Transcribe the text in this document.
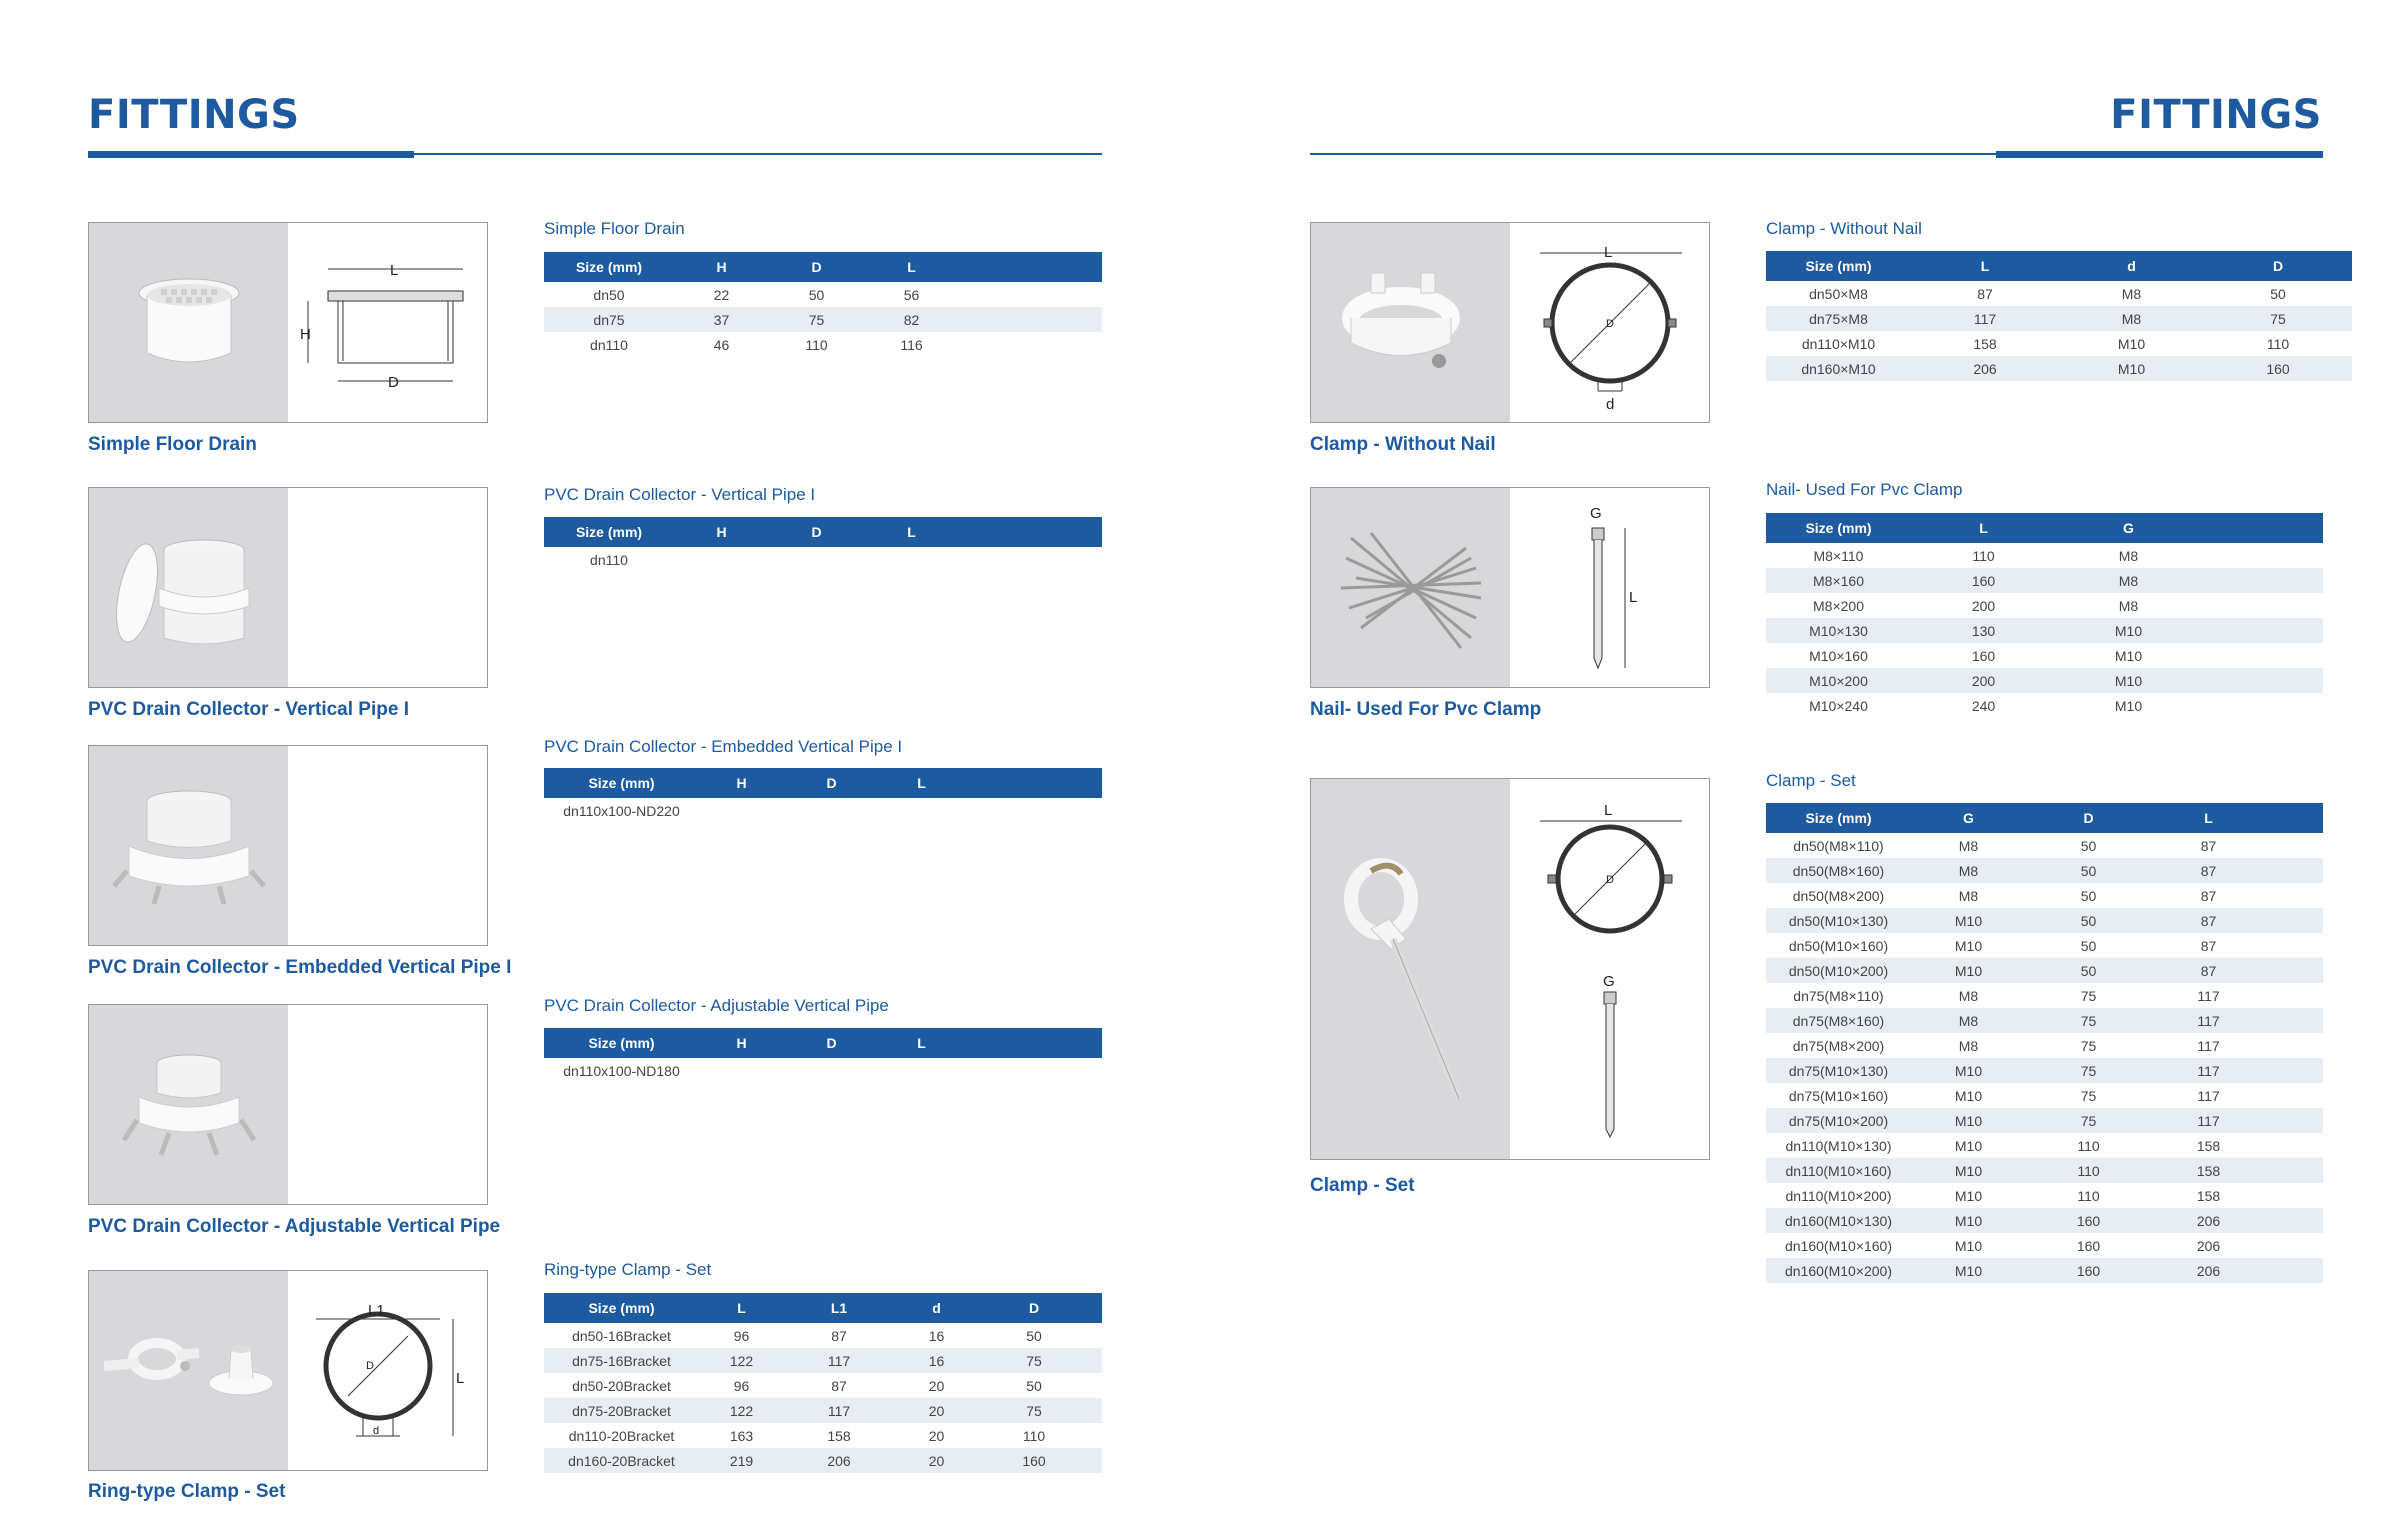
FITTINGS	FITTINGS
L
H
D
Simple Floor Drain
Simple Floor Drain
Size (mm)	H	D	L	
dn50	22	50	56	
dn75	37	75	82	
dn110	46	110	116	
PVC Drain Collector - Vertical Pipe I
PVC Drain Collector - Vertical Pipe I
Size (mm)	H	D	L	
dn110				
PVC Drain Collector - Embedded Vertical Pipe I
PVC Drain Collector - Embedded Vertical Pipe I
Size (mm)	H	D	L	
dn110x100-ND220				
PVC Drain Collector - Adjustable Vertical Pipe
PVC Drain Collector - Adjustable Vertical Pipe
Size (mm)	H	D	L	
dn110x100-ND180				
L1
L
D
d
Ring-type Clamp - Set
Ring-type Clamp - Set
Size (mm)	L	L1	d	D	
dn50-16Bracket	96	87	16	50	
dn75-16Bracket	122	117	16	75	
dn50-20Bracket	96	87	20	50	
dn75-20Bracket	122	117	20	75	
dn110-20Bracket	163	158	20	110	
dn160-20Bracket	219	206	20	160	
L
D
d
Clamp - Without Nail
Clamp - Without Nail
Size (mm)	L	d	D	
dn50×M8	87	M8	50	
dn75×M8	117	M8	75	
dn110×M10	158	M10	110	
dn160×M10	206	M10	160	
G
L
Nail- Used For Pvc Clamp
Nail- Used For Pvc Clamp
Size (mm)	L	G	
M8×110	110	M8	
M8×160	160	M8	
M8×200	200	M8	
M10×130	130	M10	
M10×160	160	M10	
M10×200	200	M10	
M10×240	240	M10	
L
D
G
Clamp - Set
Clamp - Set
Size (mm)	G	D	L	
dn50(M8×110)	M8	50	87	
dn50(M8×160)	M8	50	87	
dn50(M8×200)	M8	50	87	
dn50(M10×130)	M10	50	87	
dn50(M10×160)	M10	50	87	
dn50(M10×200)	M10	50	87	
dn75(M8×110)	M8	75	117	
dn75(M8×160)	M8	75	117	
dn75(M8×200)	M8	75	117	
dn75(M10×130)	M10	75	117	
dn75(M10×160)	M10	75	117	
dn75(M10×200)	M10	75	117	
dn110(M10×130)	M10	110	158	
dn110(M10×160)	M10	110	158	
dn110(M10×200)	M10	110	158	
dn160(M10×130)	M10	160	206	
dn160(M10×160)	M10	160	206	
dn160(M10×200)	M10	160	206	
